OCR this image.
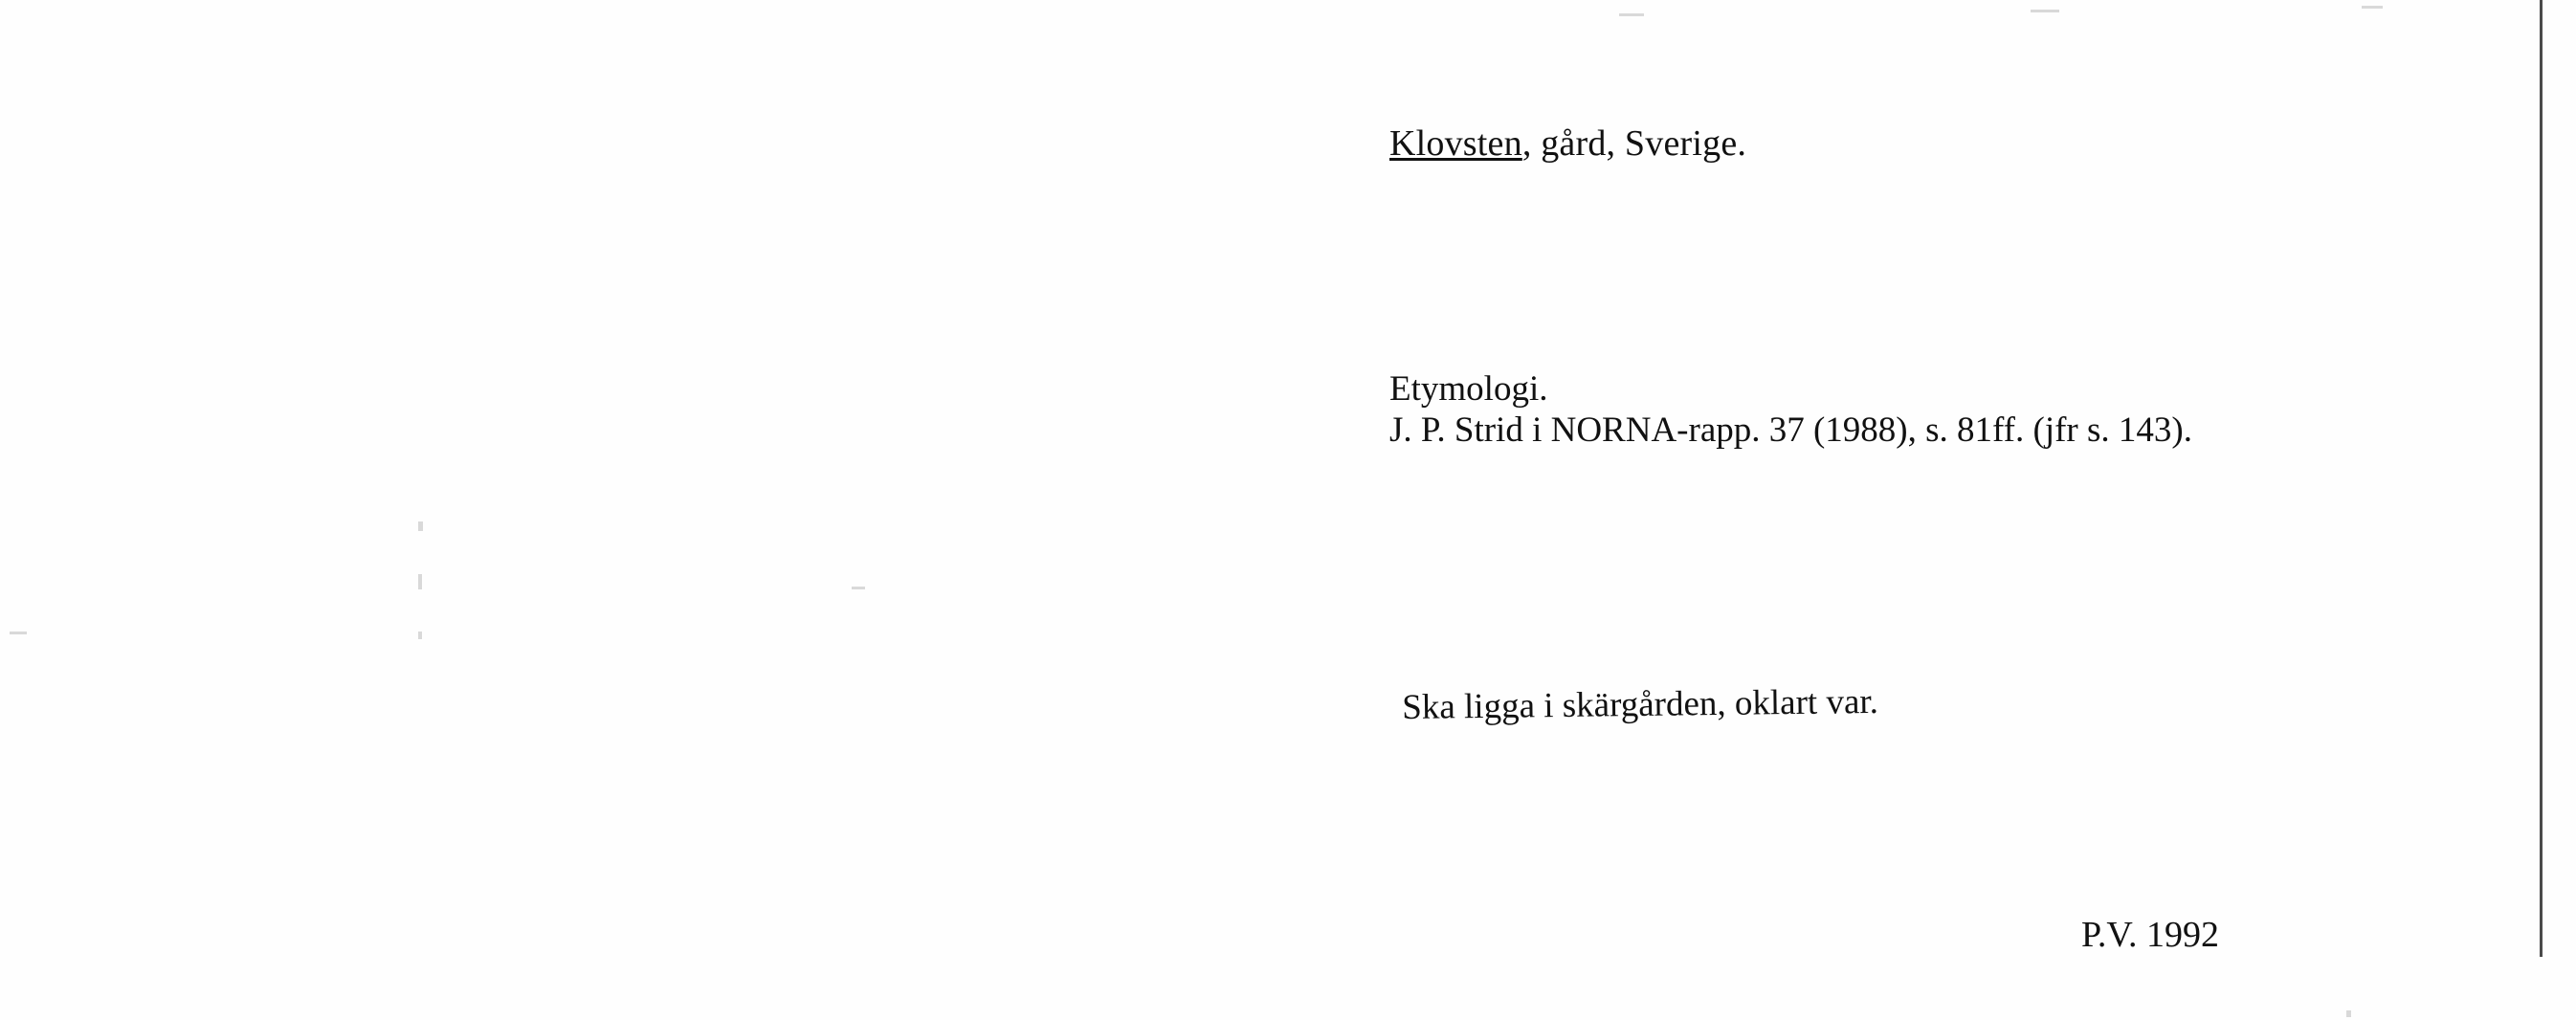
Klovsten, gård, Sverige.
Etymologi.
J. P. Strid i NORNA-rapp. 37 (1988), s. 81ff. (jfr s. 143).
Ska ligga i skärgården, oklart var.
P.V. 1992
